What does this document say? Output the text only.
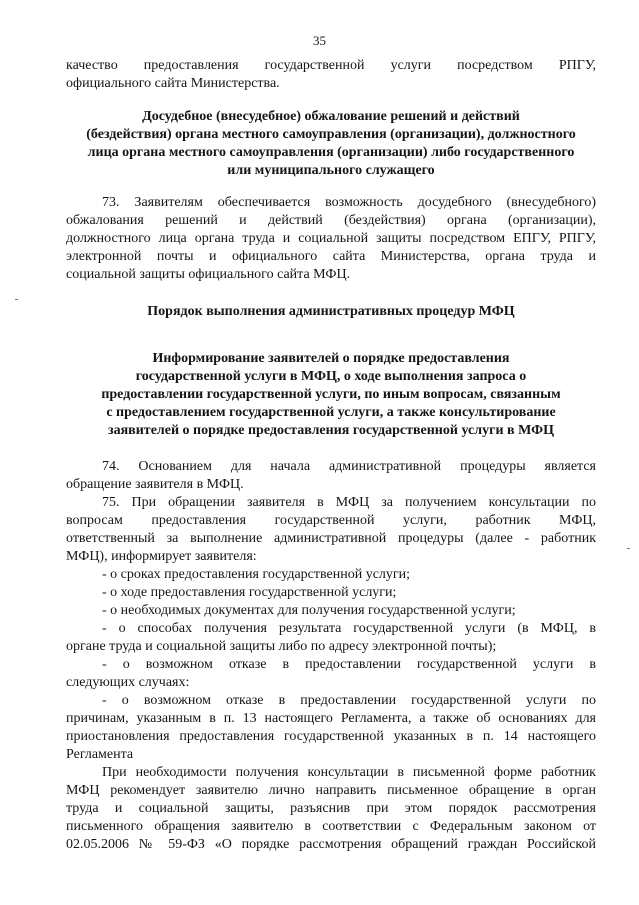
35
качество предоставления государственной услуги посредством РПГУ,
официального сайта Министерства.
Досудебное (внесудебное) обжалование решений и действий
(бездействия) органа местного самоуправления (организации), должностного
лица органа местного самоуправления (организации) либо государственного
или муниципального служащего
73. Заявителям обеспечивается возможность досудебного (внесудебного)
обжалования решений и действий (бездействия) органа (организации),
должностного лица органа труда и социальной защиты посредством ЕПГУ, РПГУ,
электронной почты и официального сайта Министерства, органа труда и
социальной защиты официального сайта МФЦ.
Порядок выполнения административных процедур МФЦ
Информирование заявителей о порядке предоставления
государственной услуги в МФЦ, о ходе выполнения запроса о
предоставлении государственной услуги, по иным вопросам, связанным
с предоставлением государственной услуги, а также консультирование
заявителей о порядке предоставления государственной услуги в МФЦ
74. Основанием для начала административной процедуры является
обращение заявителя в МФЦ.
75. При обращении заявителя в МФЦ за получением консультации по
вопросам предоставления государственной услуги, работник МФЦ,
ответственный за выполнение административной процедуры (далее - работник
МФЦ), информирует заявителя:
- о сроках предоставления государственной услуги;
- о ходе предоставления государственной услуги;
- о необходимых документах для получения государственной услуги;
- о способах получения результата государственной услуги (в МФЦ, в
органе труда и социальной защиты либо по адресу электронной почты);
- о возможном отказе в предоставлении государственной услуги в
следующих случаях:
- о возможном отказе в предоставлении государственной услуги по
причинам, указанным в п. 13 настоящего Регламента, а также об основаниях для
приостановления предоставления государственной указанных в п. 14 настоящего
Регламента
При необходимости получения консультации в письменной форме работник
МФЦ рекомендует заявителю лично направить письменное обращение в орган
труда и социальной защиты, разъяснив при этом порядок рассмотрения
письменного обращения заявителю в соответствии с Федеральным законом от
02.05.2006 № 59-ФЗ «О порядке рассмотрения обращений граждан Российской
